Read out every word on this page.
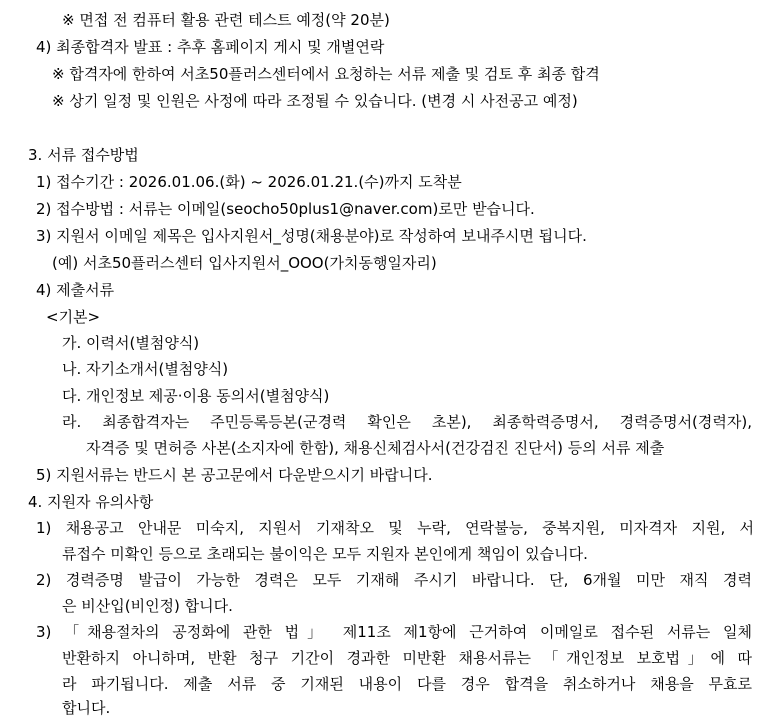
※ 면접 전 컴퓨터 활용 관련 테스트 예정(약 20분)
4) 최종합격자 발표 : 추후 홈페이지 게시 및 개별연락
※ 합격자에 한하여 서초50플러스센터에서 요청하는 서류 제출 및 검토 후 최종 합격
※ 상기 일정 및 인원은 사정에 따라 조정될 수 있습니다. (변경 시 사전공고 예정)
3. 서류 접수방법
1) 접수기간 : 2026.01.06.(화) ~ 2026.01.21.(수)까지 도착분
2) 접수방법 : 서류는 이메일(seocho50plus1@naver.com)로만 받습니다.
3) 지원서 이메일 제목은 입사지원서_성명(채용분야)로 작성하여 보내주시면 됩니다.
(예) 서초50플러스센터 입사지원서_OOO(가치동행일자리)
4) 제출서류
<기본>
가. 이력서(별첨양식)
나. 자기소개서(별첨양식)
다. 개인정보 제공·이용 동의서(별첨양식)
라. 최종합격자는 주민등록등본(군경력 확인은 초본), 최종학력증명서, 경력증명서(경력자),
자격증 및 면허증 사본(소지자에 한함), 채용신체검사서(건강검진 진단서) 등의 서류 제출
5) 지원서류는 반드시 본 공고문에서 다운받으시기 바랍니다.
4. 지원자 유의사항
1) 채용공고 안내문 미숙지, 지원서 기재착오 및 누락, 연락불능, 중복지원, 미자격자 지원, 서
류접수 미확인 등으로 초래되는 불이익은 모두 지원자 본인에게 책임이 있습니다.
2) 경력증명 발급이 가능한 경력은 모두 기재해 주시기 바랍니다. 단, 6개월 미만 재직 경력
은 비산입(비인정) 합니다.
3) 「채용절차의 공정화에 관한 법」 제11조 제1항에 근거하여 이메일로 접수된 서류는 일체
반환하지 아니하며, 반환 청구 기간이 경과한 미반환 채용서류는 「개인정보 보호법」에 따
라 파기됩니다. 제출 서류 중 기재된 내용이 다를 경우 합격을 취소하거나 채용을 무효로
합니다.
